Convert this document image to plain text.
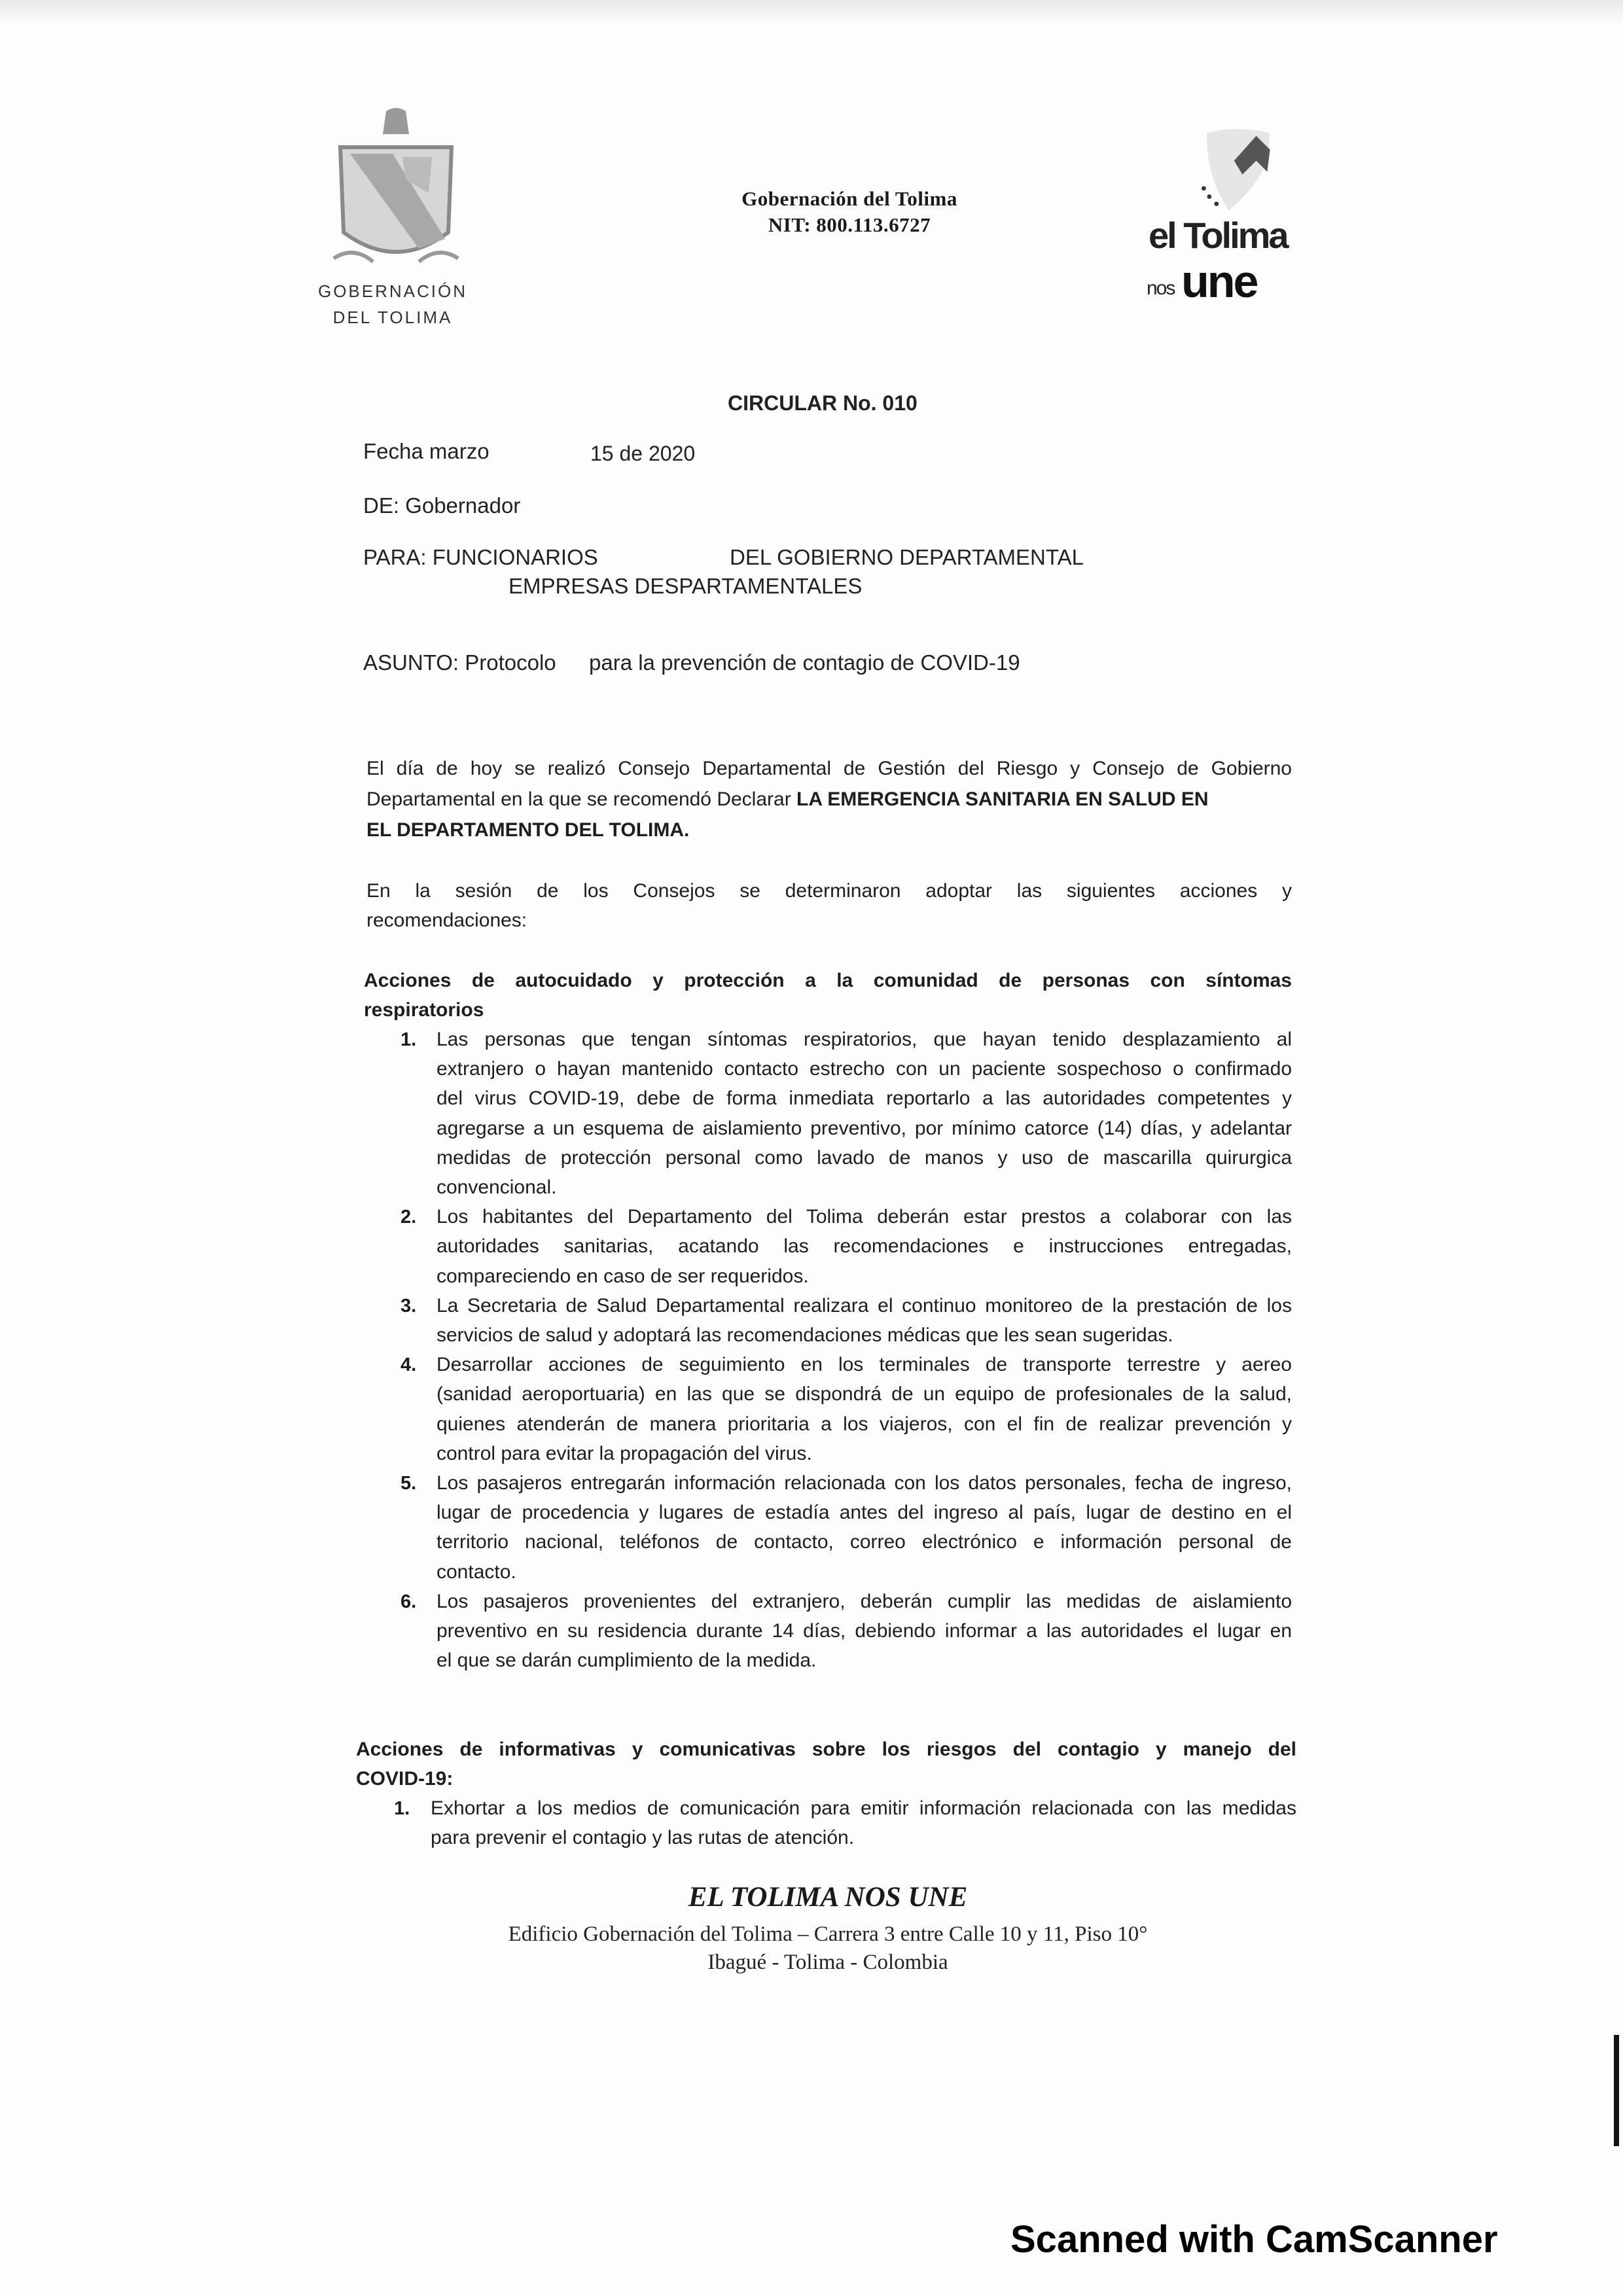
GOBERNACIÓN
DEL TOLIMA
Gobernación del Tolima
NIT: 800.113.6727	el Tolima
nos une
CIRCULAR No. 010
Fecha marzo	15 de 2020
DE: Gobernador
PARA: FUNCIONARIOS	DEL GOBIERNO DEPARTAMENTAL
EMPRESAS DESPARTAMENTALES
ASUNTO: Protocolo para la prevención de contagio de COVID-19
El día de hoy se realizó Consejo Departamental de Gestión del Riesgo y Consejo de Gobierno
Departamental en la que se recomendó Declarar LA EMERGENCIA SANITARIA EN SALUD EN
EL DEPARTAMENTO DEL TOLIMA.
En la sesión de los Consejos se determinaron adoptar las siguientes acciones y
recomendaciones:
Acciones de autocuidado y protección a la comunidad de personas con síntomas
respiratorios
1. Las personas que tengan síntomas respiratorios, que hayan tenido desplazamiento al
extranjero o hayan mantenido contacto estrecho con un paciente sospechoso o confirmado
del virus COVID-19, debe de forma inmediata reportarlo a las autoridades competentes y
agregarse a un esquema de aislamiento preventivo, por mínimo catorce (14) días, y adelantar
medidas de protección personal como lavado de manos y uso de mascarilla quirurgica
convencional.
2. Los habitantes del Departamento del Tolima deberán estar prestos a colaborar con las
autoridades sanitarias, acatando las recomendaciones e instrucciones entregadas,
compareciendo en caso de ser requeridos.
3. La Secretaria de Salud Departamental realizara el continuo monitoreo de la prestación de los
servicios de salud y adoptará las recomendaciones médicas que les sean sugeridas.
4. Desarrollar acciones de seguimiento en los terminales de transporte terrestre y aereo
(sanidad aeroportuaria) en las que se dispondrá de un equipo de profesionales de la salud,
quienes atenderán de manera prioritaria a los viajeros, con el fin de realizar prevención y
control para evitar la propagación del virus.
5. Los pasajeros entregarán información relacionada con los datos personales, fecha de ingreso,
lugar de procedencia y lugares de estadía antes del ingreso al país, lugar de destino en el
territorio nacional, teléfonos de contacto, correo electrónico e información personal de
contacto.
6. Los pasajeros provenientes del extranjero, deberán cumplir las medidas de aislamiento
preventivo en su residencia durante 14 días, debiendo informar a las autoridades el lugar en
el que se darán cumplimiento de la medida.
Acciones de informativas y comunicativas sobre los riesgos del contagio y manejo del
COVID-19:
1. Exhortar a los medios de comunicación para emitir información relacionada con las medidas
para prevenir el contagio y las rutas de atención.
EL TOLIMA NOS UNE
Edificio Gobernación del Tolima – Carrera 3 entre Calle 10 y 11, Piso 10°
Ibagué - Tolima - Colombia
Scanned with CamScanner
